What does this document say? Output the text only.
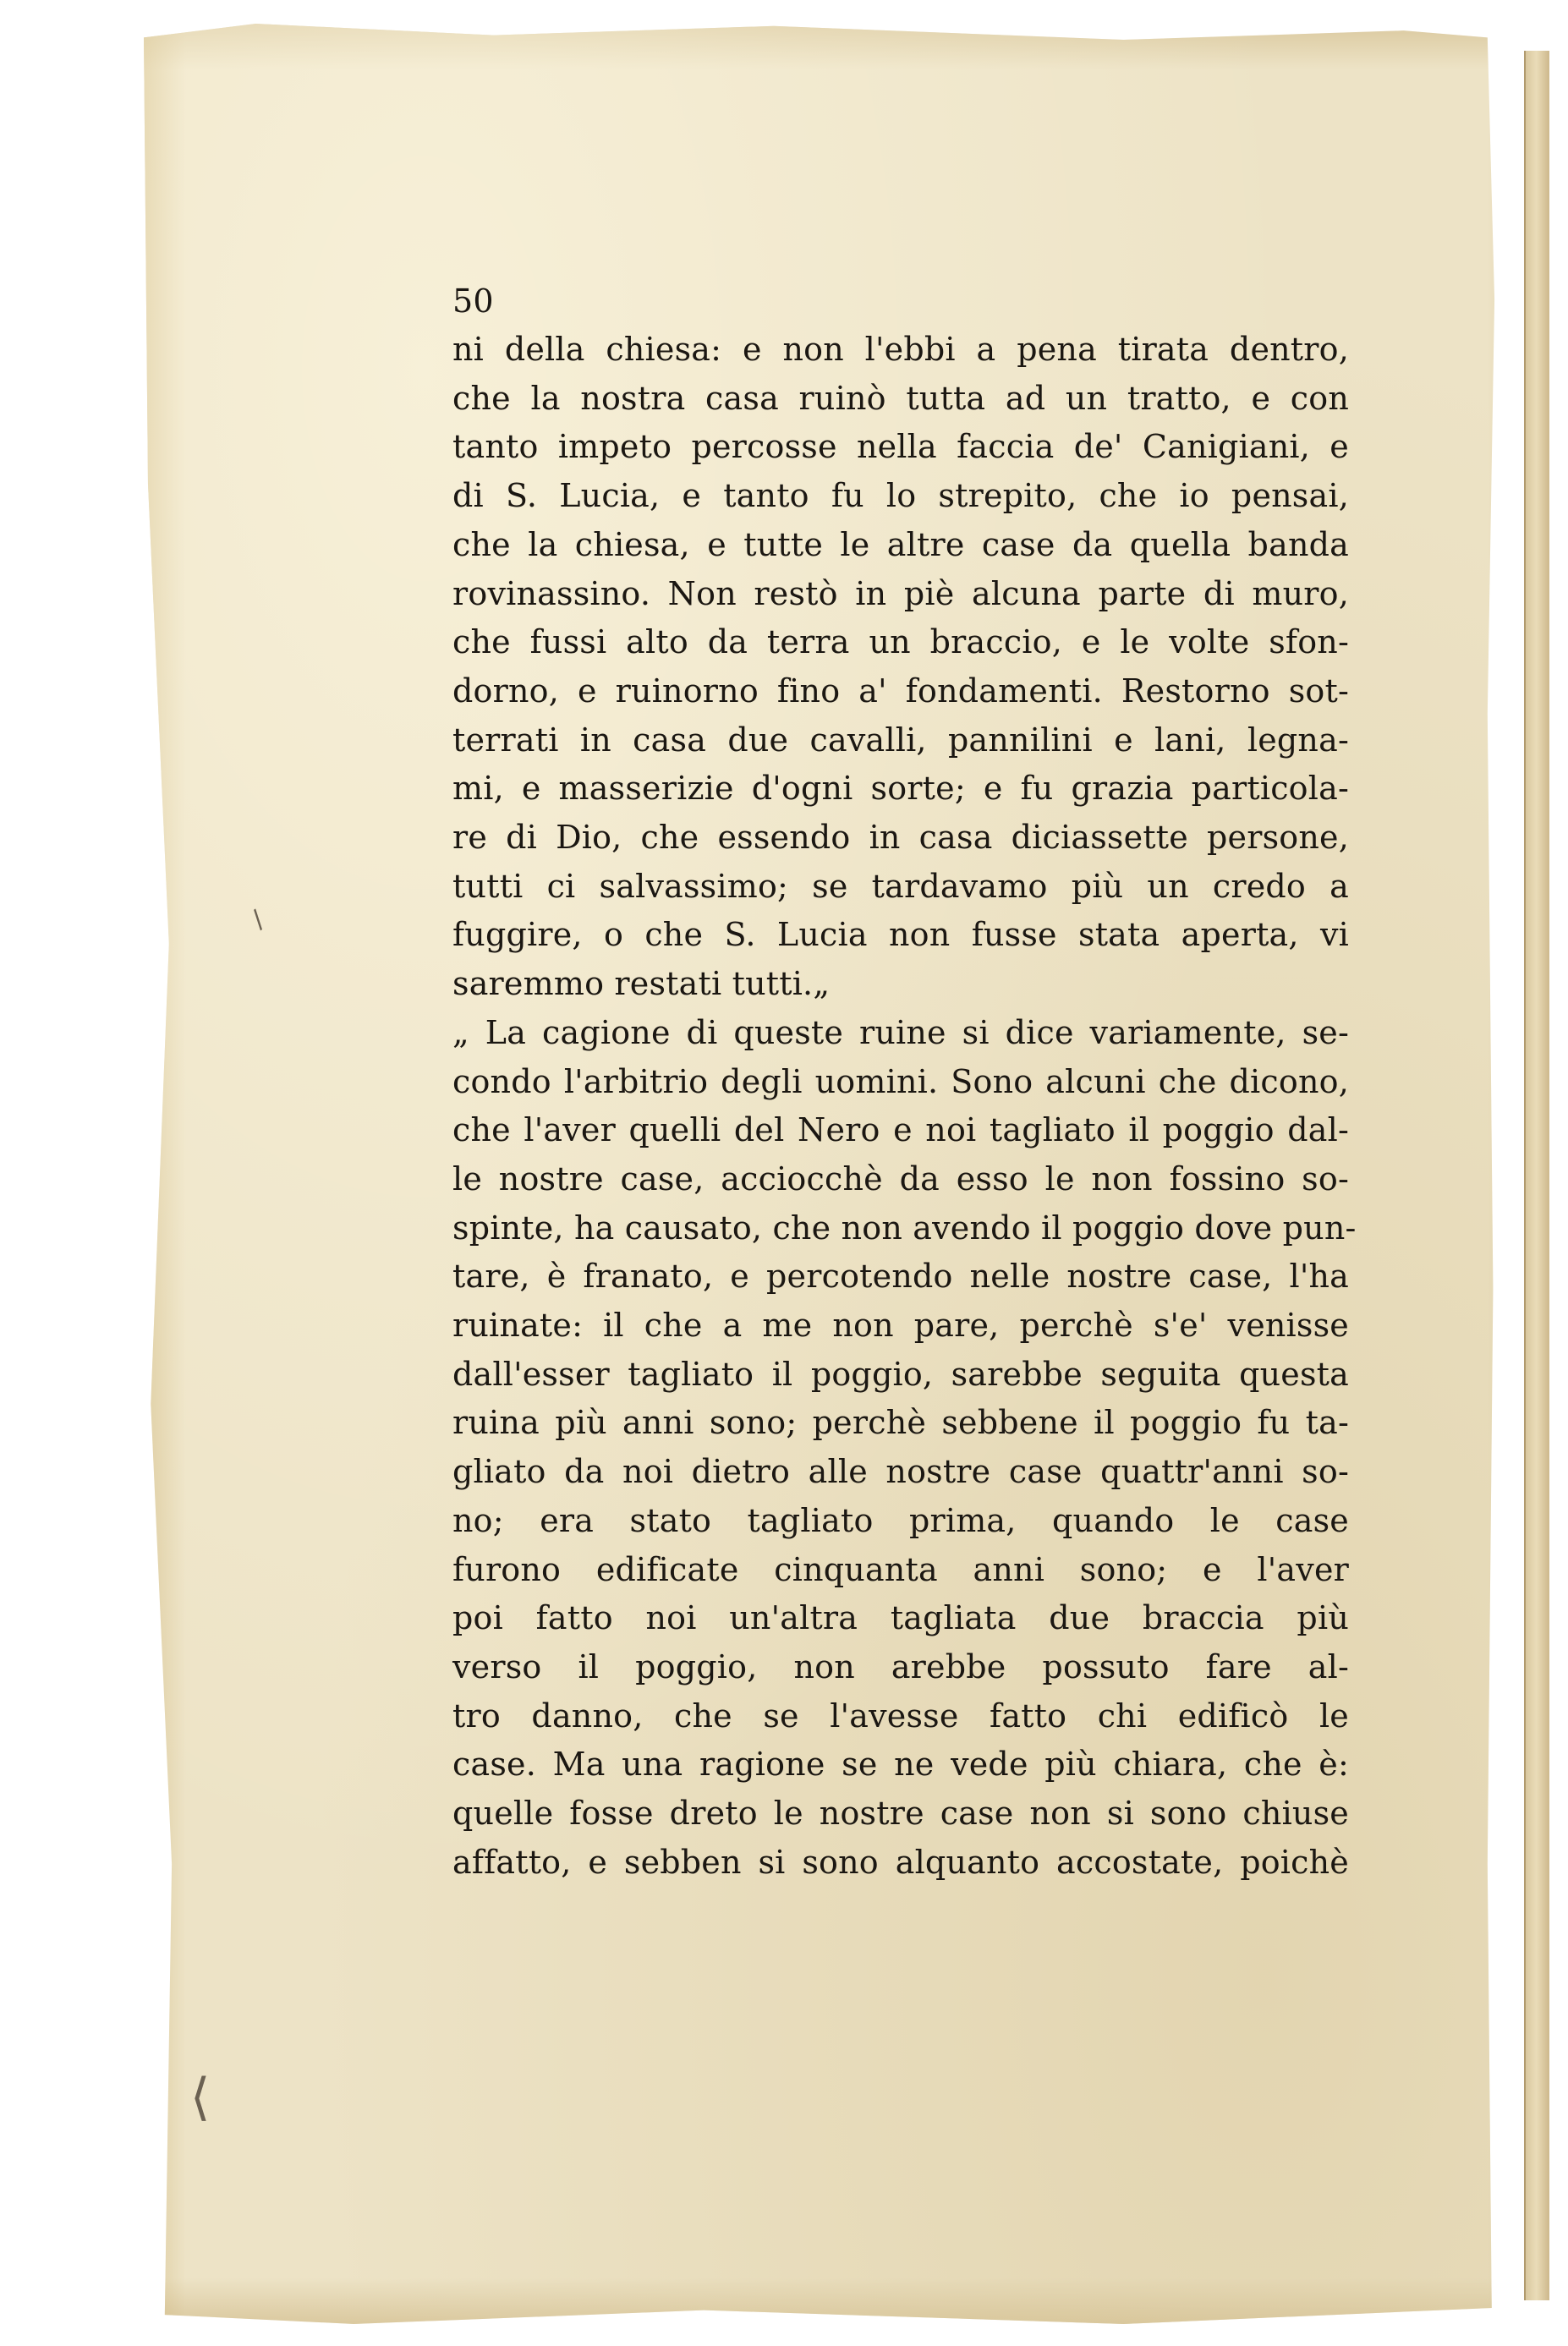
/
⟨
50
ni della chiesa: e non l'ebbi a pena tirata dentro,
che la nostra casa ruinò tutta ad un tratto, e con
tanto impeto percosse nella faccia de' Canigiani, e
di S. Lucia, e tanto fu lo strepito, che io pensai,
che la chiesa, e tutte le altre case da quella banda
rovinassino. Non restò in piè alcuna parte di muro,
che fussi alto da terra un braccio, e le volte sfon-
dorno, e ruinorno fino a' fondamenti. Restorno sot-
terrati in casa due cavalli, pannilini e lani, legna-
mi, e masserizie d'ogni sorte; e fu grazia particola-
re di Dio, che essendo in casa diciassette persone,
tutti ci salvassimo; se tardavamo più un credo a
fuggire, o che S. Lucia non fusse stata aperta, vi
saremmo restati tutti.„
„ La cagione di queste ruine si dice variamente, se-
condo l'arbitrio degli uomini. Sono alcuni che dicono,
che l'aver quelli del Nero e noi tagliato il poggio dal-
le nostre case, acciocchè da esso le non fossino so-
spinte, ha causato, che non avendo il poggio dove pun-
tare, è franato, e percotendo nelle nostre case, l'ha
ruinate: il che a me non pare, perchè s'e' venisse
dall'esser tagliato il poggio, sarebbe seguita questa
ruina più anni sono; perchè sebbene il poggio fu ta-
gliato da noi dietro alle nostre case quattr'anni so-
no; era stato tagliato prima, quando le case
furono edificate cinquanta anni sono; e l'aver
poi fatto noi un'altra tagliata due braccia più
verso il poggio, non arebbe possuto fare al-
tro danno, che se l'avesse fatto chi edificò le
case. Ma una ragione se ne vede più chiara, che è:
quelle fosse dreto le nostre case non si sono chiuse
affatto, e sebben si sono alquanto accostate, poichè
